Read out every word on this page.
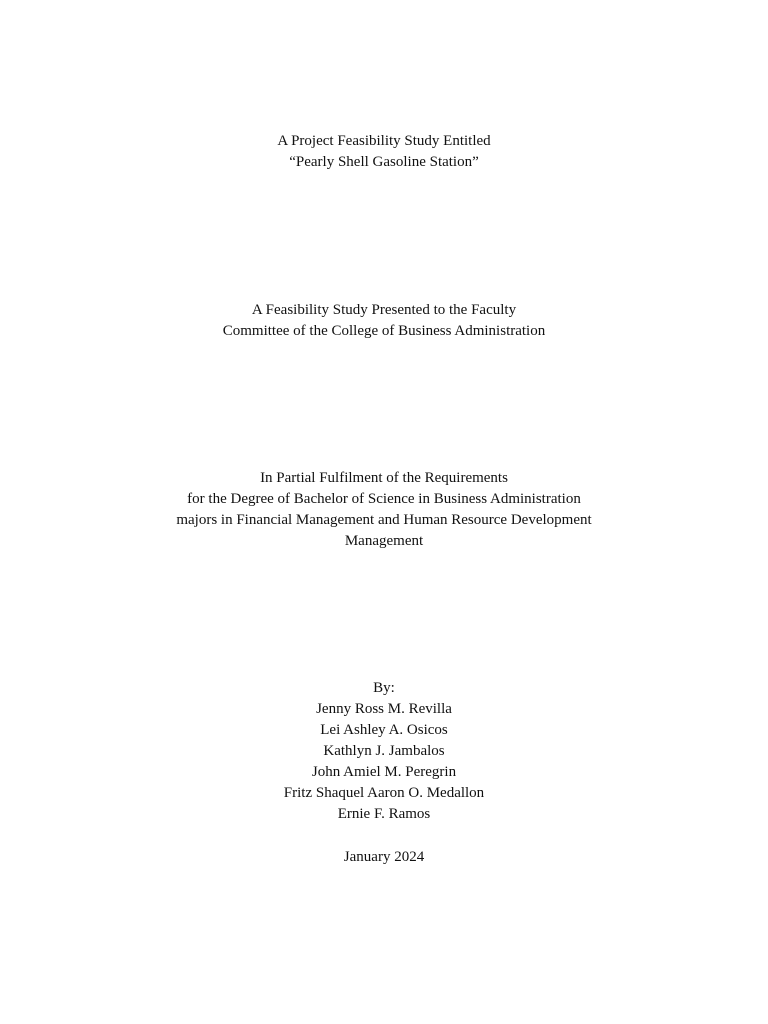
A Project Feasibility Study Entitled
“Pearly Shell Gasoline Station”
A Feasibility Study Presented to the Faculty
Committee of the College of Business Administration
In Partial Fulfilment of the Requirements
for the Degree of Bachelor of Science in Business Administration
majors in Financial Management and Human Resource Development
Management
By:
Jenny Ross M. Revilla
Lei Ashley A. Osicos
Kathlyn J. Jambalos
John Amiel M. Peregrin
Fritz Shaquel Aaron O. Medallon
Ernie F. Ramos
January 2024
